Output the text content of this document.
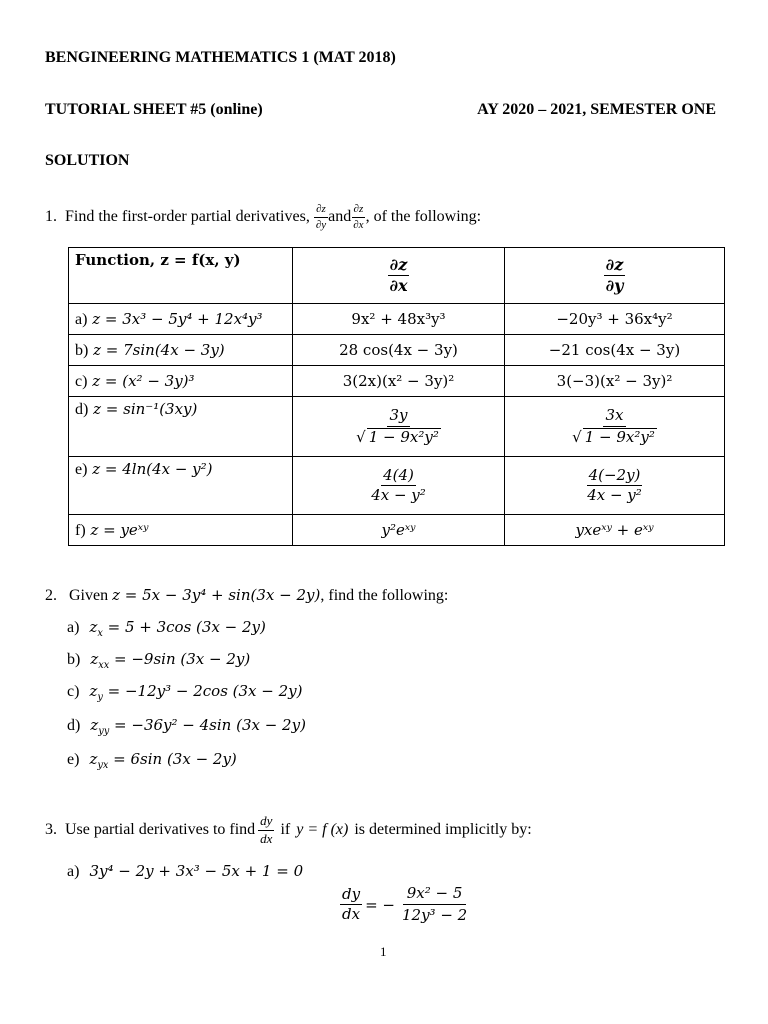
BENGINEERING MATHEMATICS 1 (MAT 2018)
TUTORIAL SHEET #5 (online)	AY 2020 – 2021, SEMESTER ONE
SOLUTION
1. Find the first-order partial derivatives, $\frac{\partial z}{\partial y}$ and $\frac{\partial z}{\partial x}$ , of the following:
Function, z = f(x, y)	$\frac{\partial z}{\partial x}$	$\frac{\partial z}{\partial y}$

a) z = 3x³ − 5y⁴ + 12x⁴y³	9x² + 48x³y³	−20y³ + 36x⁴y²
b) z = 7sin(4x − 3y)	28 cos(4x − 3y)	−21 cos(4x − 3y)
c) z = (x² − 3y)³	3(2x)(x² − 3y)²	3(−3)(x² − 3y)²
d) z = sin⁻¹(3xy)	$\frac{3y}{\text{√ 1 − 9x²y²}}$	$\frac{3x}{\text{√ 1 − 9x²y²}}$

e) z = 4ln(4x − y²)	$\frac{4(4)}{\text{4x − y²}}$	$\frac{4(-2y)}{\text{4x − y²}}$

f) z = yeˣʸ	y²eˣʸ	yxeˣʸ + eˣʸ
2. Given z = 5x − 3y⁴ + sin(3x − 2y), find the following:
a) $z_x = 5 + 3\cos$ (3x − 2y)
b) $z_{xx} = -9\sin$ (3x − 2y)
c) $z_y = -12y^3 - 2\cos$ (3x − 2y)
d) $z_{yy} = -36y^2 - 4\sin$ (3x − 2y)
e) $z_{yx} = 6\sin$ (3x − 2y)
3. Use partial derivatives to find $\frac{dy}{dx}$ if y = f (x) is determined implicitly by:
a) 3y⁴ − 2y + 3x³ − 5x + 1 = 0
$\frac{dy}{dx}$ = − $\frac{\text{9x² − 5}}{\text{12y³ − 2}}$
1
